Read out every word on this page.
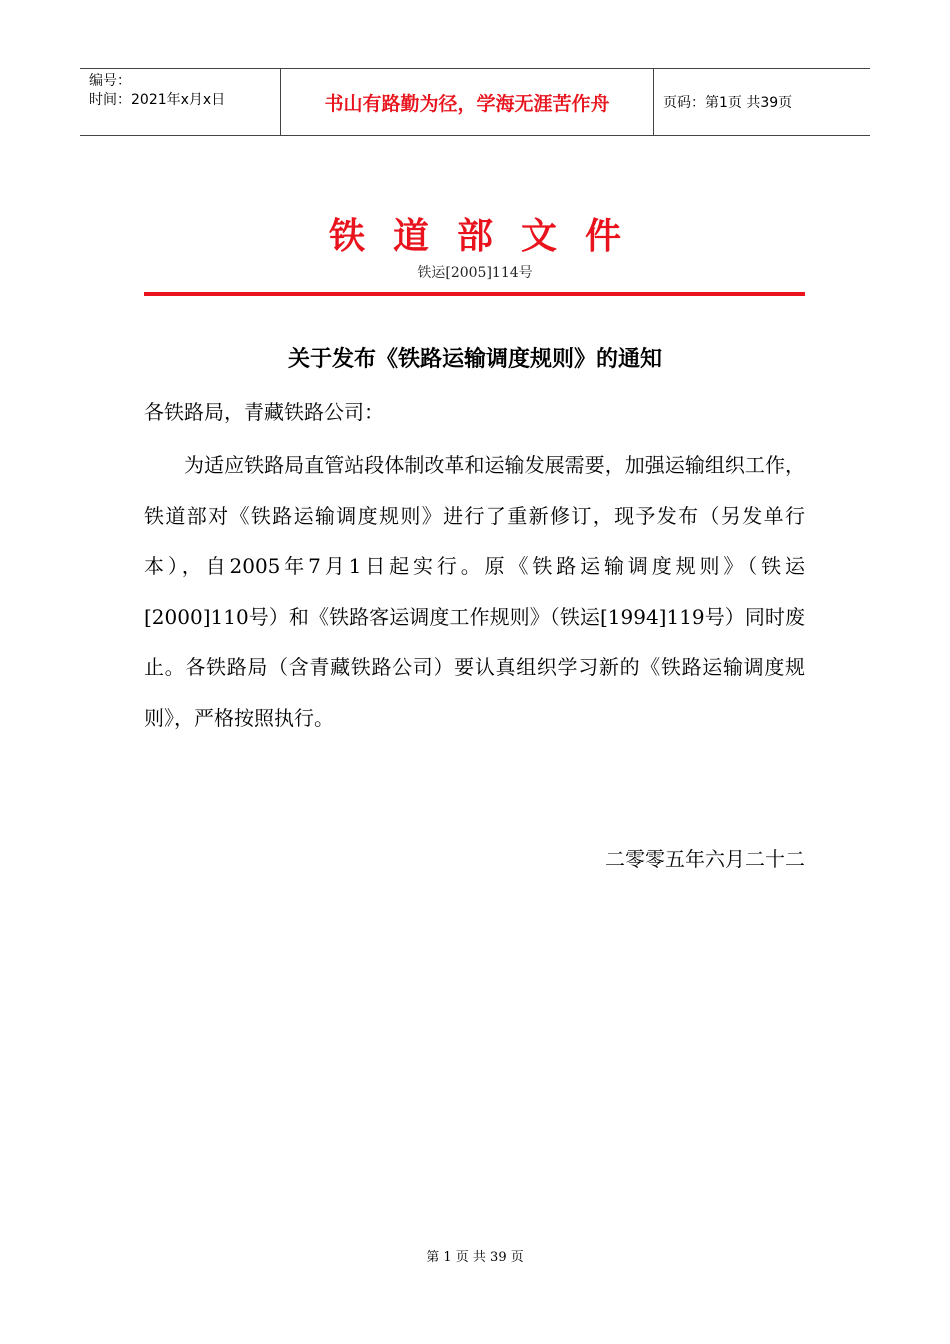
编号：
时间：2021年x月x日	书山有路勤为径，学海无涯苦作舟	页码：第1页 共39页
铁道部文件
铁运[2005]114号
关于发布《铁路运输调度规则》的通知
各铁路局，青藏铁路公司：
为适应铁路局直管站段体制改革和运输发展需要，加强运输组织工作，铁道部对《铁路运输调度规则》进行了重新修订，现予发布（另发单行本），自2005年7月1日起实行。原《铁路运输调度规则》（铁运[2000]110号）和《铁路客运调度工作规则》（铁运[1994]119号）同时废止。各铁路局（含青藏铁路公司）要认真组织学习新的《铁路运输调度规则》，严格按照执行。
二零零五年六月二十二
第 1 页 共 39 页
